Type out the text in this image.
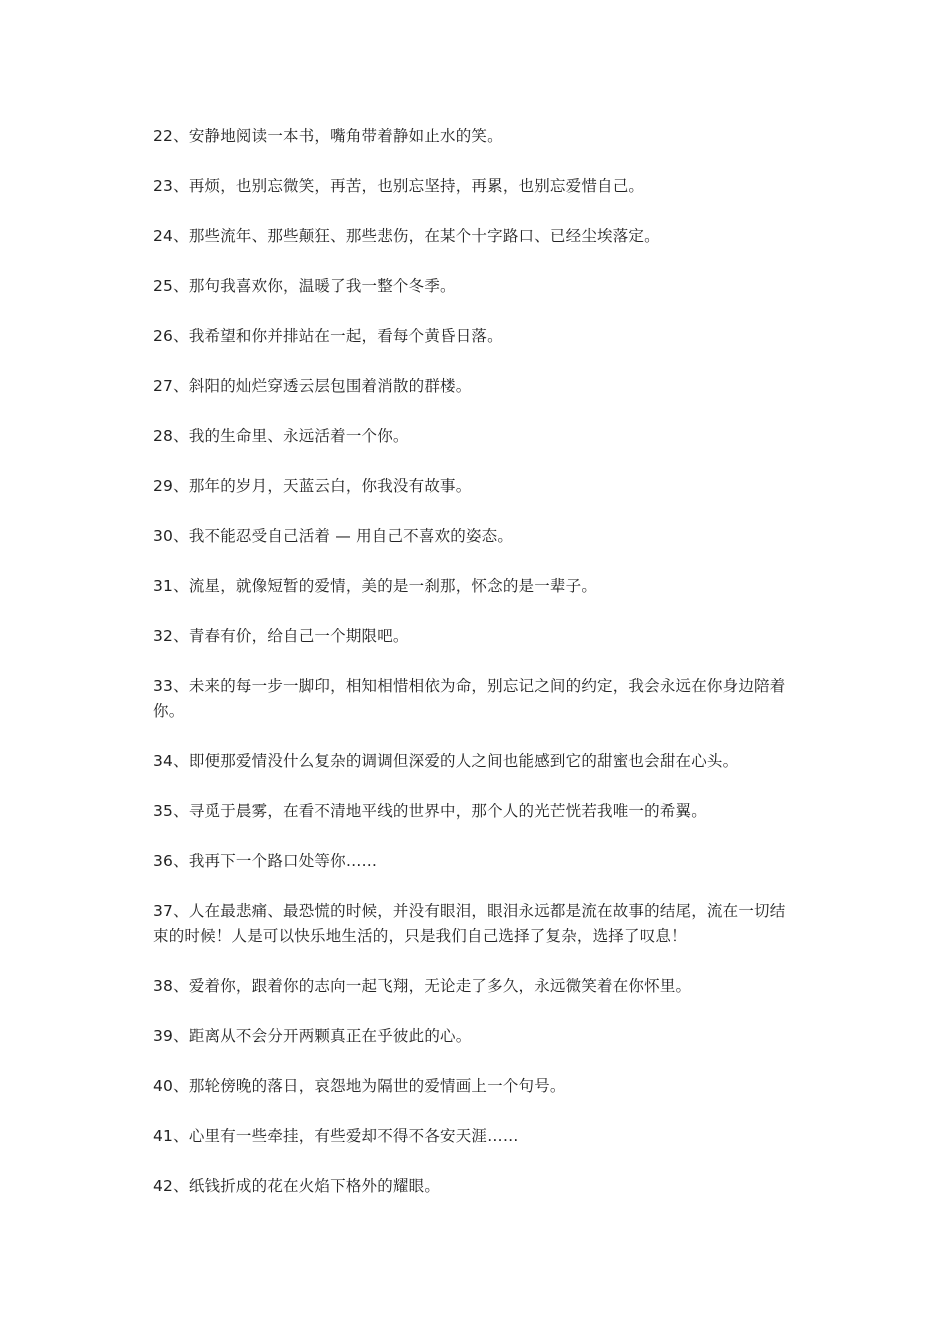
22、安静地阅读一本书，嘴角带着静如止水的笑。

23、再烦，也别忘微笑，再苦，也别忘坚持，再累，也别忘爱惜自己。

24、那些流年、那些颠狂、那些悲伤，在某个十字路口、已经尘埃落定。

25、那句我喜欢你，温暖了我一整个冬季。

26、我希望和你并排站在一起，看每个黄昏日落。

27、斜阳的灿烂穿透云层包围着消散的群楼。

28、我的生命里、永远活着一个你。

29、那年的岁月，天蓝云白，你我没有故事。

30、我不能忍受自己活着 — 用自己不喜欢的姿态。

31、流星，就像短暂的爱情，美的是一刹那，怀念的是一辈子。

32、青春有价，给自己一个期限吧。

33、未来的每一步一脚印，相知相惜相依为命，别忘记之间的约定，我会永远在你身边陪着你。

34、即便那爱情没什么复杂的调调但深爱的人之间也能感到它的甜蜜也会甜在心头。

35、寻觅于晨雾，在看不清地平线的世界中，那个人的光芒恍若我唯一的希翼。

36、我再下一个路口处等你……

37、人在最悲痛、最恐慌的时候，并没有眼泪，眼泪永远都是流在故事的结尾，流在一切结束的时候！人是可以快乐地生活的，只是我们自己选择了复杂，选择了叹息！

38、爱着你，跟着你的志向一起飞翔，无论走了多久，永远微笑着在你怀里。

39、距离从不会分开两颗真正在乎彼此的心。

40、那轮傍晚的落日，哀怨地为隔世的爱情画上一个句号。

41、心里有一些牵挂，有些爱却不得不各安天涯……

42、纸钱折成的花在火焰下格外的耀眼。
